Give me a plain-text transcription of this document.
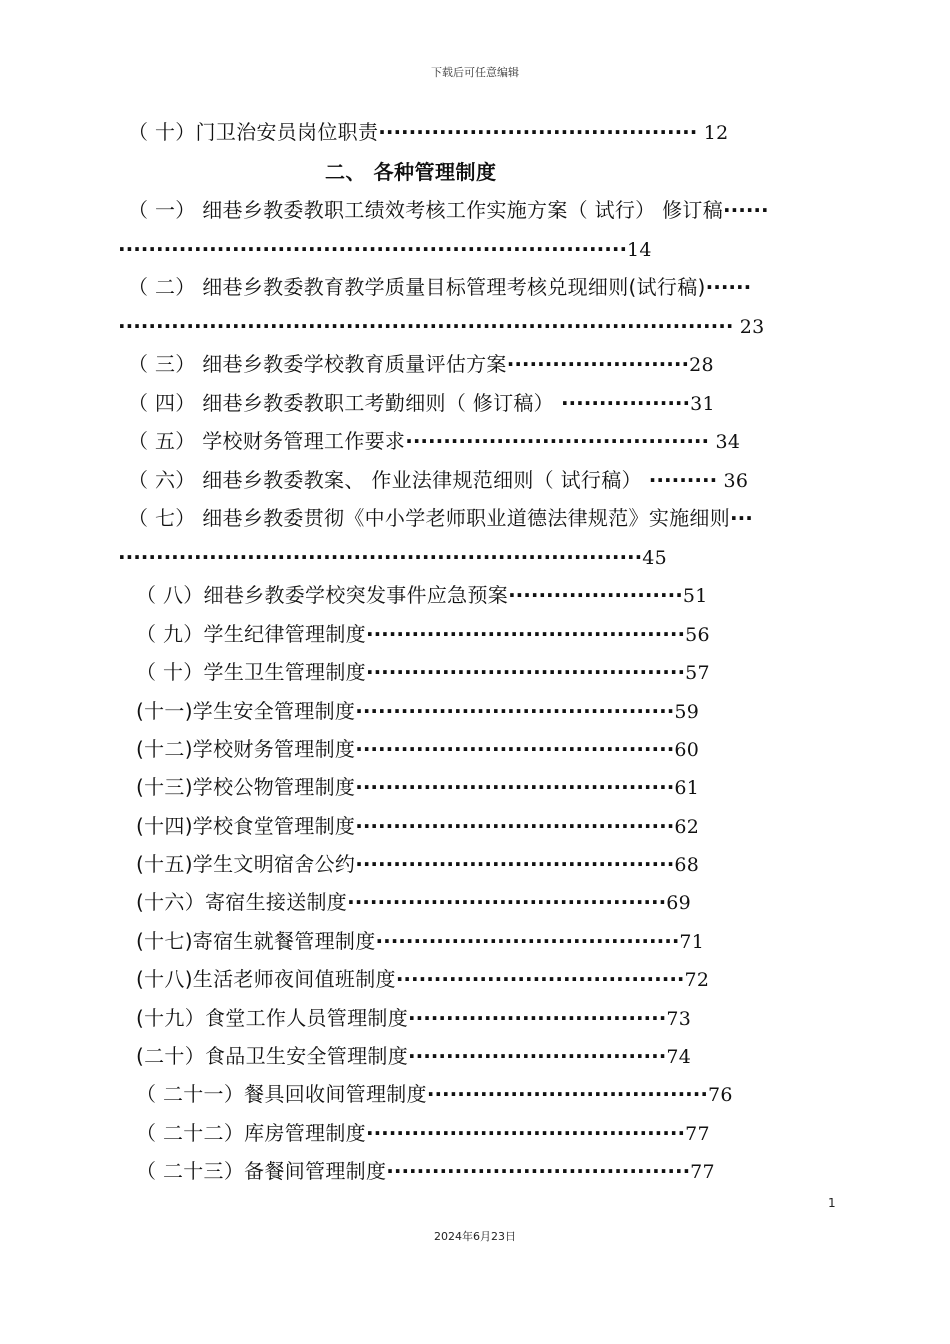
下载后可任意编辑
（ 十）门卫治安员岗位职责·········································· 12
二、 各种管理制度
（ 一） 细巷乡教委教职工绩效考核工作实施方案（ 试行） 修订稿······
···································································14
（ 二） 细巷乡教委教育教学质量目标管理考核兑现细则(试行稿)······
················································································· 23
（ 三） 细巷乡教委学校教育质量评估方案························28
（ 四） 细巷乡教委教职工考勤细则（ 修订稿） ·················31
（ 五） 学校财务管理工作要求········································ 34
（ 六） 细巷乡教委教案、 作业法律规范细则（ 试行稿） ········· 36
（ 七） 细巷乡教委贯彻《中小学老师职业道德法律规范》实施细则···
·····································································45
（ 八）细巷乡教委学校突发事件应急预案·······················51
（ 九）学生纪律管理制度··········································56
（ 十）学生卫生管理制度··········································57
(十一)学生安全管理制度··········································59
(十二)学校财务管理制度··········································60
(十三)学校公物管理制度··········································61
(十四)学校食堂管理制度··········································62
(十五)学生文明宿舍公约··········································68
(十六）寄宿生接送制度··········································69
(十七)寄宿生就餐管理制度········································71
(十八)生活老师夜间值班制度······································72
(十九）食堂工作人员管理制度··································73
(二十）食品卫生安全管理制度··································74
（ 二十一）餐具回收间管理制度·····································76
（ 二十二）库房管理制度··········································77
（ 二十三）备餐间管理制度········································77
1
2024年6月23日
